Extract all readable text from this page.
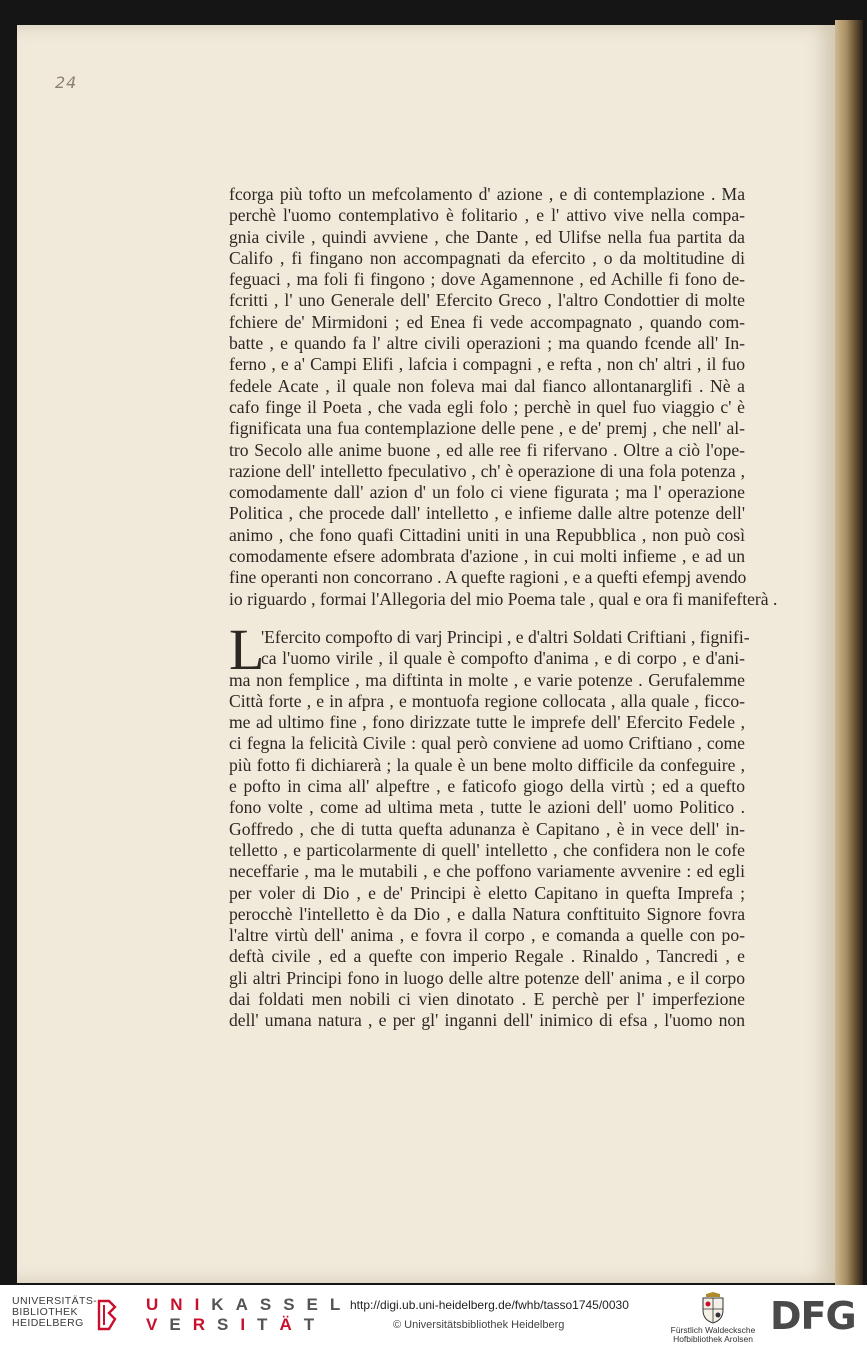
24
fcorga più tofto un mefcolamento d' azione , e di contemplazione . Ma
perchè l'uomo contemplativo è folitario , e l' attivo vive nella compa-
gnia civile , quindi avviene , che Dante , ed Ulifse nella fua partita da
Califo , fi fingano non accompagnati da efercito , o da moltitudine di
feguaci , ma foli fi fingono ; dove Agamennone , ed Achille fi fono de-
fcritti , l' uno Generale dell' Efercito Greco , l'altro Condottier di molte
fchiere de' Mirmidoni ; ed Enea fi vede accompagnato , quando com-
batte , e quando fa l' altre civili operazioni ; ma quando fcende all' In-
ferno , e a' Campi Elifi , lafcia i compagni , e refta , non ch' altri , il fuo
fedele Acate , il quale non foleva mai dal fianco allontanarglifi . Nè a
cafo finge il Poeta , che vada egli folo ; perchè in quel fuo viaggio c' è
fignificata una fua contemplazione delle pene , e de' premj , che nell' al-
tro Secolo alle anime buone , ed alle ree fi rifervano . Oltre a ciò l'ope-
razione dell' intelletto fpeculativo , ch' è operazione di una fola potenza ,
comodamente dall' azion d' un folo ci viene figurata ; ma l' operazione
Politica , che procede dall' intelletto , e infieme dalle altre potenze dell'
animo , che fono quafi Cittadini uniti in una Repubblica , non può così
comodamente efsere adombrata d'azione , in cui molti infieme , e ad un
fine operanti non concorrano . A quefte ragioni , e a quefti efempj avendo
io riguardo , formai l'Allegoria del mio Poema tale , qual e ora fi manifefterà .
L
'Efercito compofto di varj Principi , e d'altri Soldati Criftiani , fignifi-
ca l'uomo virile , il quale è compofto d'anima , e di corpo , e d'ani-
ma non femplice , ma diftinta in molte , e varie potenze . Gerufalemme
Città forte , e in afpra , e montuofa regione collocata , alla quale , ficco-
me ad ultimo fine , fono dirizzate tutte le imprefe dell' Efercito Fedele ,
ci fegna la felicità Civile : qual però conviene ad uomo Criftiano , come
più fotto fi dichiarerà ; la quale è un bene molto difficile da confeguire ,
e pofto in cima all' alpeftre , e faticofo giogo della virtù ; ed a quefto
fono volte , come ad ultima meta , tutte le azioni dell' uomo Politico .
Goffredo , che di tutta quefta adunanza è Capitano , è in vece dell' in-
telletto , e particolarmente di quell' intelletto , che confidera non le cofe
neceffarie , ma le mutabili , e che poffono variamente avvenire : ed egli
per voler di Dio , e de' Principi è eletto Capitano in quefta Imprefa ;
perocchè l'intelletto è da Dio , e dalla Natura conftituito Signore fovra
l'altre virtù dell' anima , e fovra il corpo , e comanda a quelle con po-
deftà civile , ed a quefte con imperio Regale . Rinaldo , Tancredi , e
gli altri Principi fono in luogo delle altre potenze dell' anima , e il corpo
dai foldati men nobili ci vien dinotato . E perchè per l' imperfezione
dell' umana natura , e per gl' inganni dell' inimico di efsa , l'uomo non
UNIVERSITÄTS-
BIBLIOTHEK
HEIDELBERG
UNIKASSEL
VERSITÄT
http://digi.ub.uni-heidelberg.de/fwhb/tasso1745/0030
© Universitätsbibliothek Heidelberg	Fürstlich Waldecksche
Hofbibliothek Arolsen
DFG
